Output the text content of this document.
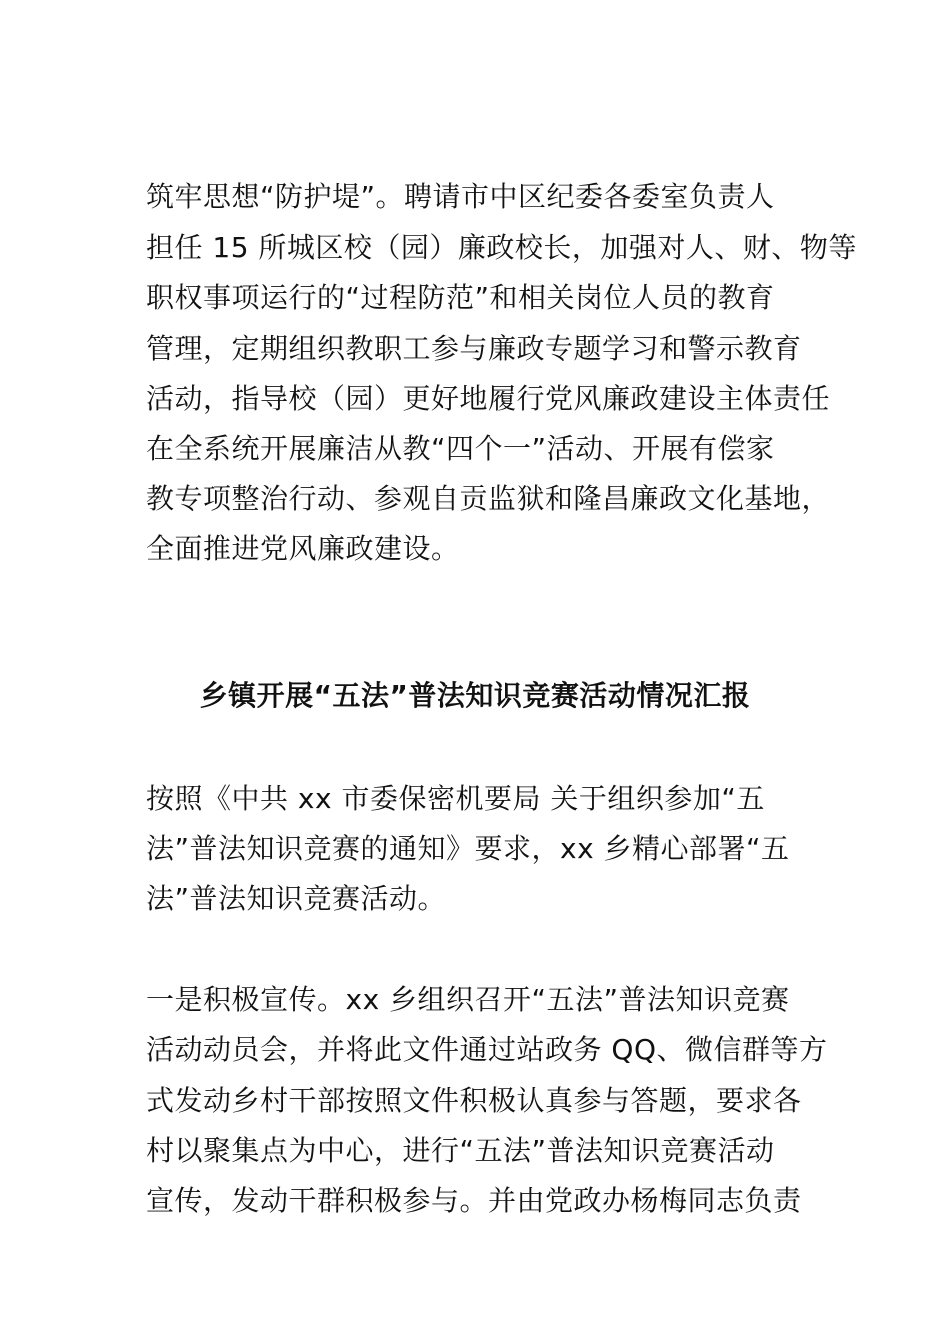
筑牢思想“防护堤”。聘请市中区纪委各委室负责人
担任 15 所城区校（园）廉政校长，加强对人、财、物等
职权事项运行的“过程防范”和相关岗位人员的教育
管理，定期组织教职工参与廉政专题学习和警示教育
活动，指导校（园）更好地履行党风廉政建设主体责任
在全系统开展廉洁从教“四个一”活动、开展有偿家
教专项整治行动、参观自贡监狱和隆昌廉政文化基地，
全面推进党风廉政建设。
乡镇开展“五法”普法知识竞赛活动情况汇报
按照《中共 xx 市委保密机要局 关于组织参加“五
法”普法知识竞赛的通知》要求，xx 乡精心部署“五
法”普法知识竞赛活动。
一是积极宣传。xx 乡组织召开“五法”普法知识竞赛
活动动员会，并将此文件通过站政务 QQ、微信群等方
式发动乡村干部按照文件积极认真参与答题，要求各
村以聚集点为中心，进行“五法”普法知识竞赛活动
宣传，发动干群积极参与。并由党政办杨梅同志负责
